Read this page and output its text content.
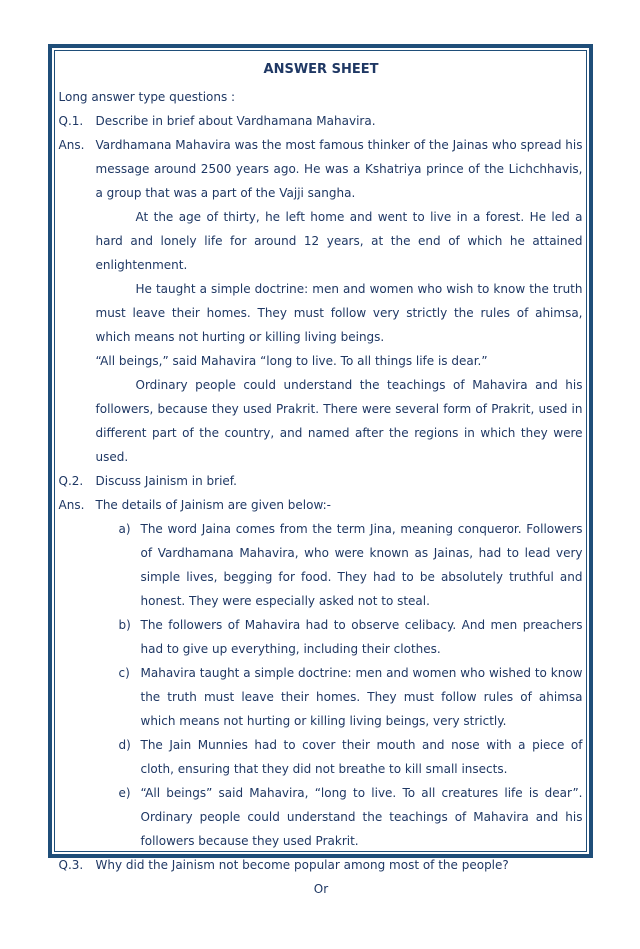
ANSWER SHEET
Long answer type questions :
Q.1.	Describe in brief about Vardhamana Mahavira.
Ans. Vardhamana Mahavira was the most famous thinker of the Jainas who spread his message around 2500 years ago. He was a Kshatriya prince of the Lichchhavis, a group that was a part of the Vajji sangha.
At the age of thirty, he left home and went to live in a forest. He led a hard and lonely life for around 12 years, at the end of which he attained enlightenment.
He taught a simple doctrine: men and women who wish to know the truth must leave their homes. They must follow very strictly the rules of ahimsa, which means not hurting or killing living beings.
“All beings,” said Mahavira “long to live. To all things life is dear.”
Ordinary people could understand the teachings of Mahavira and his followers, because they used Prakrit. There were several form of Prakrit, used in different part of the country, and named after the regions in which they were used.
Q.2.	Discuss Jainism in brief.
Ans. The details of Jainism are given below:-
a) The word Jaina comes from the term Jina, meaning conqueror. Followers of Vardhamana Mahavira, who were known as Jainas, had to lead very simple lives, begging for food. They had to be absolutely truthful and honest. They were especially asked not to steal.
b) The followers of Mahavira had to observe celibacy. And men preachers had to give up everything, including their clothes.
c) Mahavira taught a simple doctrine: men and women who wished to know the truth must leave their homes. They must follow rules of ahimsa which means not hurting or killing living beings, very strictly.
d) The Jain Munnies had to cover their mouth and nose with a piece of cloth, ensuring that they did not breathe to kill small insects.
e) “All beings” said Mahavira, “long to live. To all creatures life is dear”. Ordinary people could understand the teachings of Mahavira and his followers because they used Prakrit.
Q.3.	Why did the Jainism not become popular among most of the people?
Or
